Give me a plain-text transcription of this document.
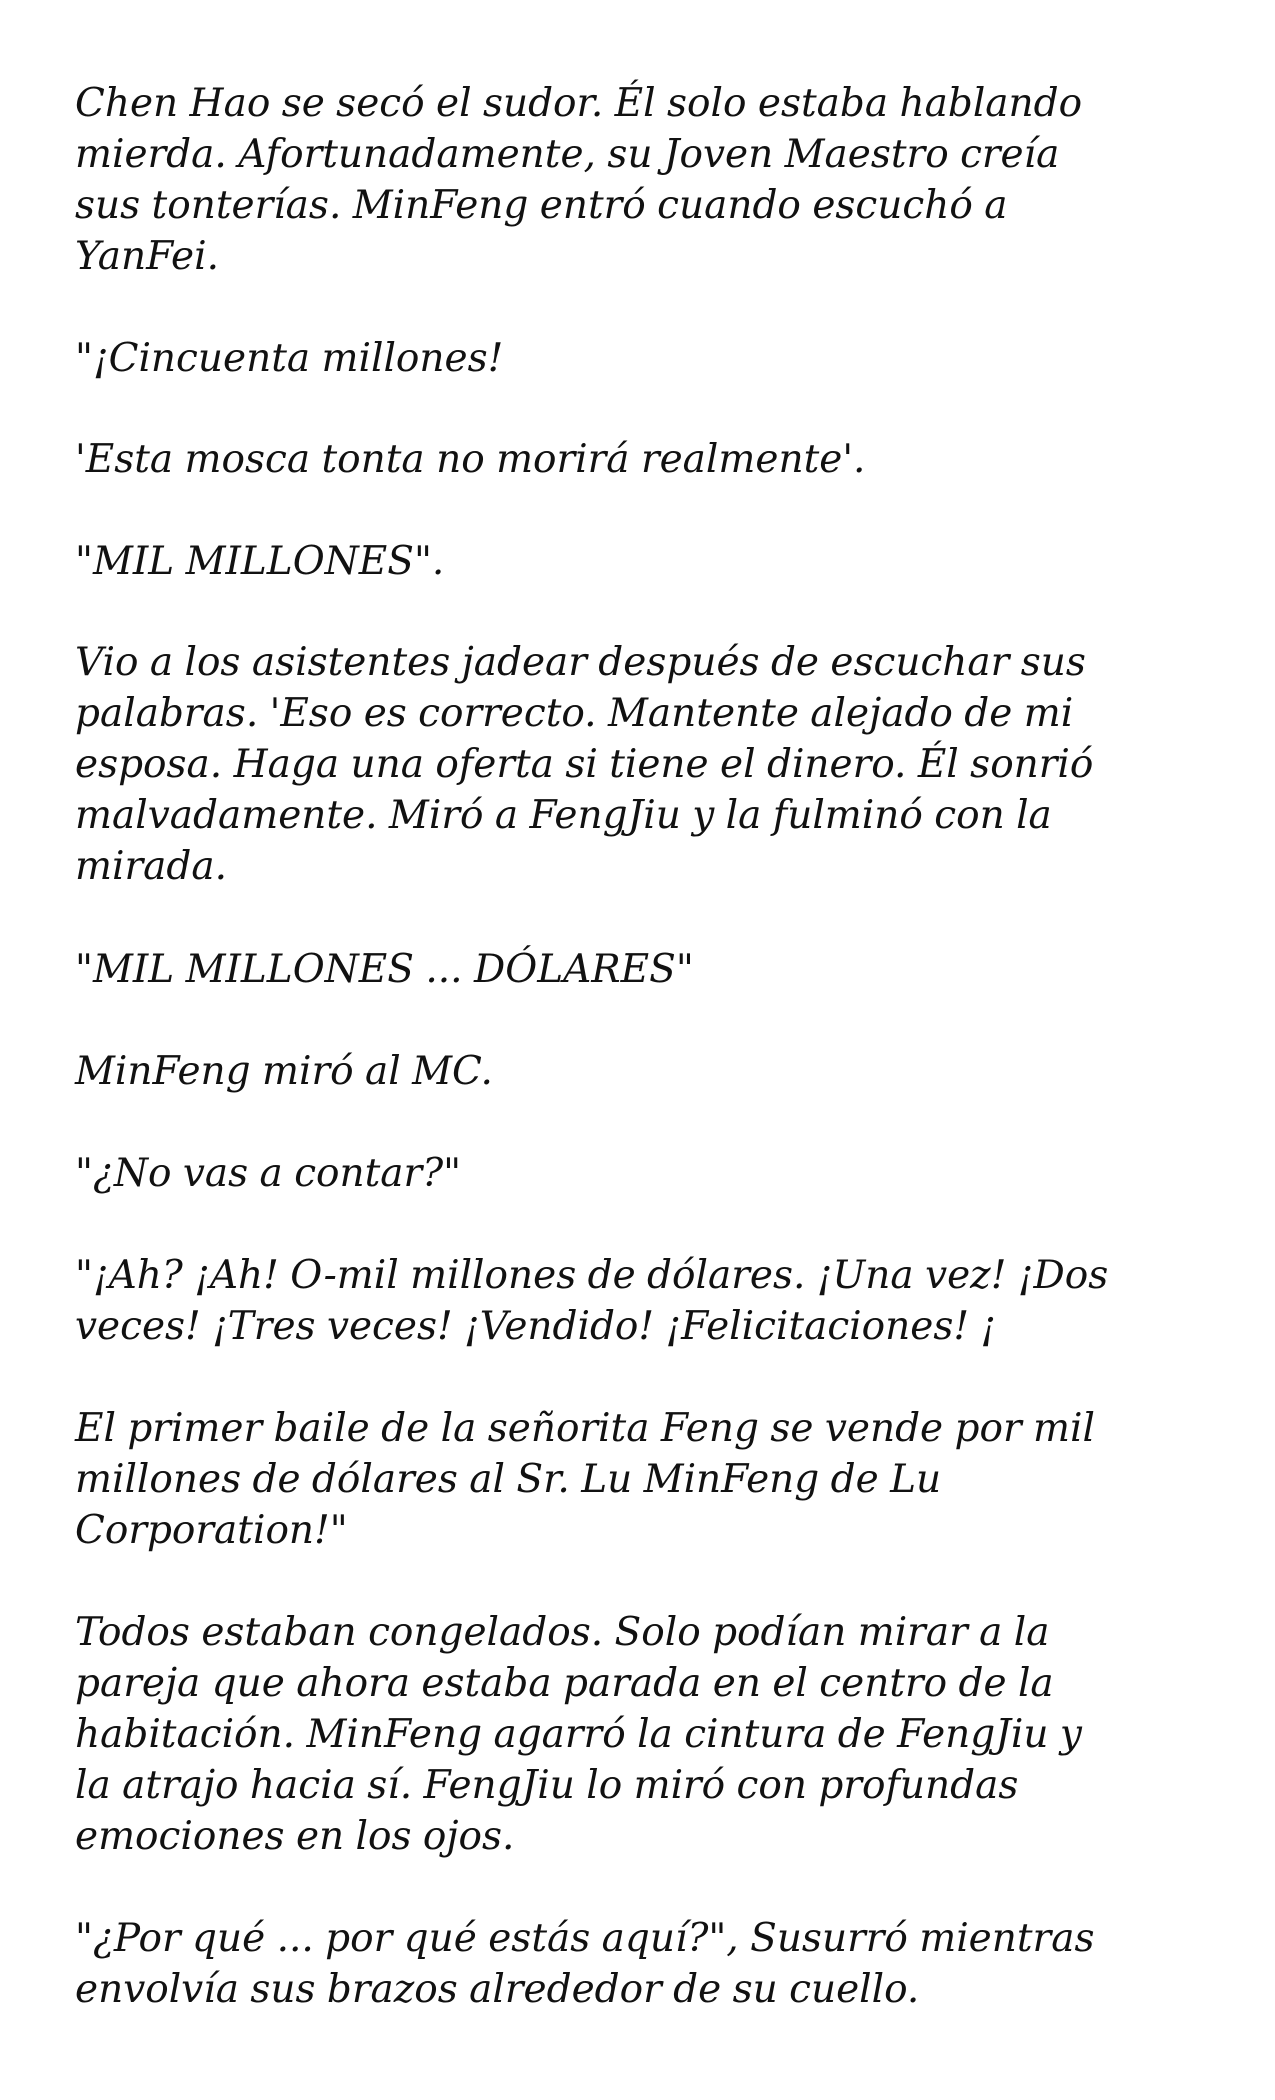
Chen Hao se secó el sudor. Él solo estaba hablando
mierda. Afortunadamente, su Joven Maestro creía
sus tonterías. MinFeng entró cuando escuchó a
YanFei.

"¡Cincuenta millones!

'Esta mosca tonta no morirá realmente'.

"MIL MILLONES".

Vio a los asistentes jadear después de escuchar sus
palabras. 'Eso es correcto. Mantente alejado de mi
esposa. Haga una oferta si tiene el dinero. Él sonrió
malvadamente. Miró a FengJiu y la fulminó con la
mirada.

"MIL MILLONES ... DÓLARES"

MinFeng miró al MC.

"¿No vas a contar?"

"¡Ah? ¡Ah! O-mil millones de dólares. ¡Una vez! ¡Dos
veces! ¡Tres veces! ¡Vendido! ¡Felicitaciones! ¡

El primer baile de la señorita Feng se vende por mil
millones de dólares al Sr. Lu MinFeng de Lu
Corporation!"

Todos estaban congelados. Solo podían mirar a la
pareja que ahora estaba parada en el centro de la
habitación. MinFeng agarró la cintura de FengJiu y
la atrajo hacia sí. FengJiu lo miró con profundas
emociones en los ojos.

"¿Por qué ... por qué estás aquí?", Susurró mientras
envolvía sus brazos alrededor de su cuello.
